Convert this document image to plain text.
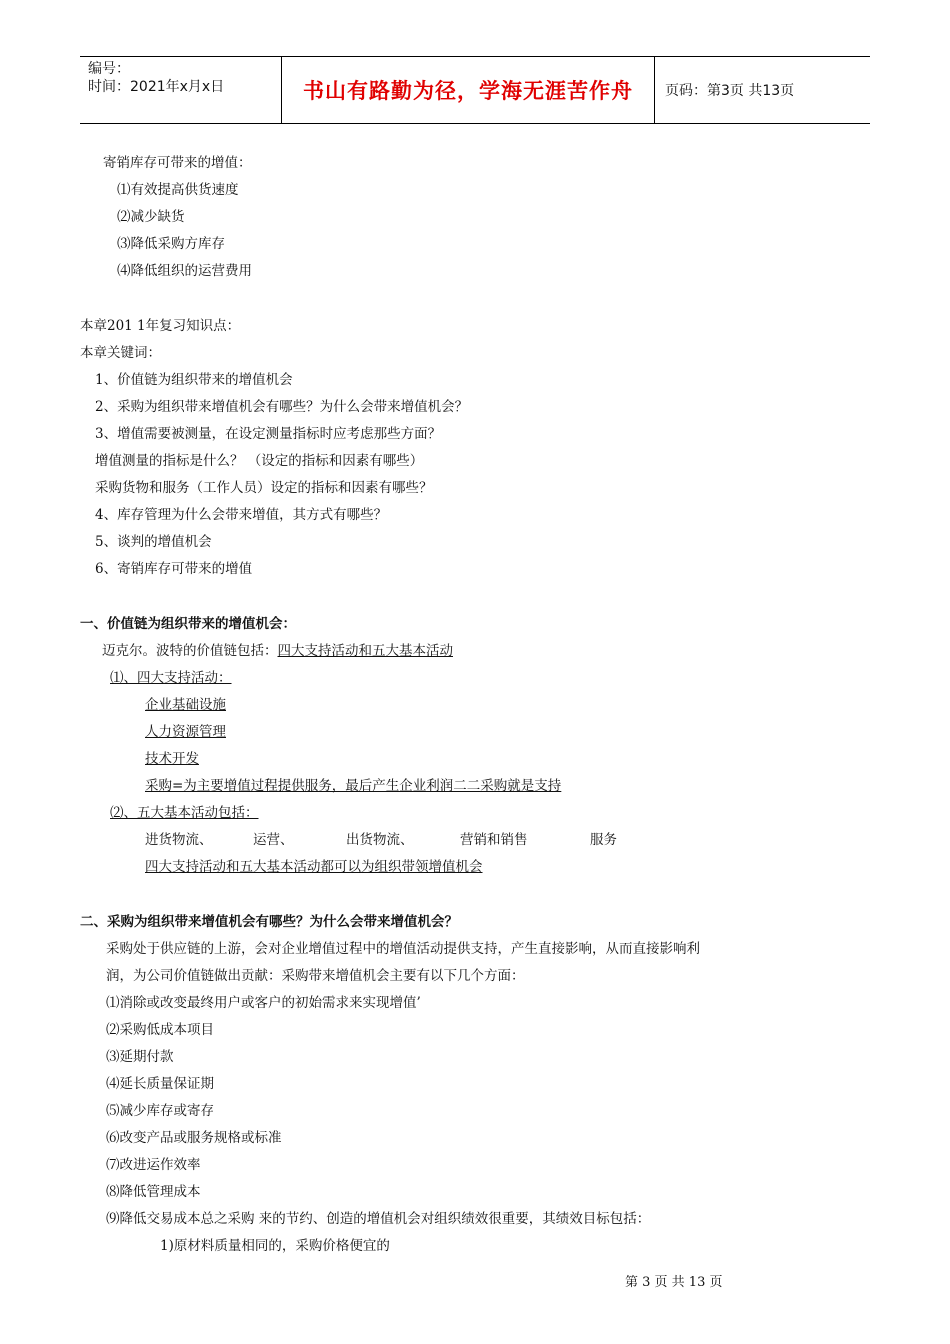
编号：
时间：2021年x月x日	书山有路勤为径，学海无涯苦作舟 页码：第3页 共13页
寄销库存可带来的增值：
⑴有效提高供货速度
⑵减少缺货
⑶降低采购方库存
⑷降低组织的运营费用
本章201 1年复习知识点：
本章关键词：
1、价值链为组织带来的增值机会
2、采购为组织带来增值机会有哪些？为什么会带来增值机会？
3、增值需要被测量，在设定测量指标时应考虑那些方面？
增值测量的指标是什么？ （设定的指标和因素有哪些）
采购货物和服务（工作人员）设定的指标和因素有哪些？
4、库存管理为什么会带来增值，其方式有哪些？
5、谈判的增值机会
6、寄销库存可带来的增值
一、价值链为组织带来的增值机会：
迈克尔。波特的价值链包括：四大支持活动和五大基本活动
⑴、四大支持活动：
企业基础设施
人力资源管理
技术开发
采购=为主要增值过程提供服务，最后产生企业利润二二采购就是支持
⑵、五大基本活动包括：
进货物流、	运营、	出货物流、	营销和销售	服务
四大支持活动和五大基本活动都可以为组织带领增值机会
二、采购为组织带来增值机会有哪些？为什么会带来增值机会？
采购处于供应链的上游，会对企业增值过程中的增值活动提供支持，产生直接影响，从而直接影响利
润，为公司价值链做出贡献：采购带来增值机会主要有以下几个方面：
⑴消除或改变最终用户或客户的初始需求来实现增值’
⑵采购低成本项目
⑶延期付款
⑷延长质量保证期
⑸减少库存或寄存
⑹改变产品或服务规格或标准
⑺改进运作效率
⑻降低管理成本
⑼降低交易成本总之采购 来的节约、创造的增值机会对组织绩效很重要，其绩效目标包括：
1)原材料质量相同的，采购价格便宜的
第 3 页 共 13 页
